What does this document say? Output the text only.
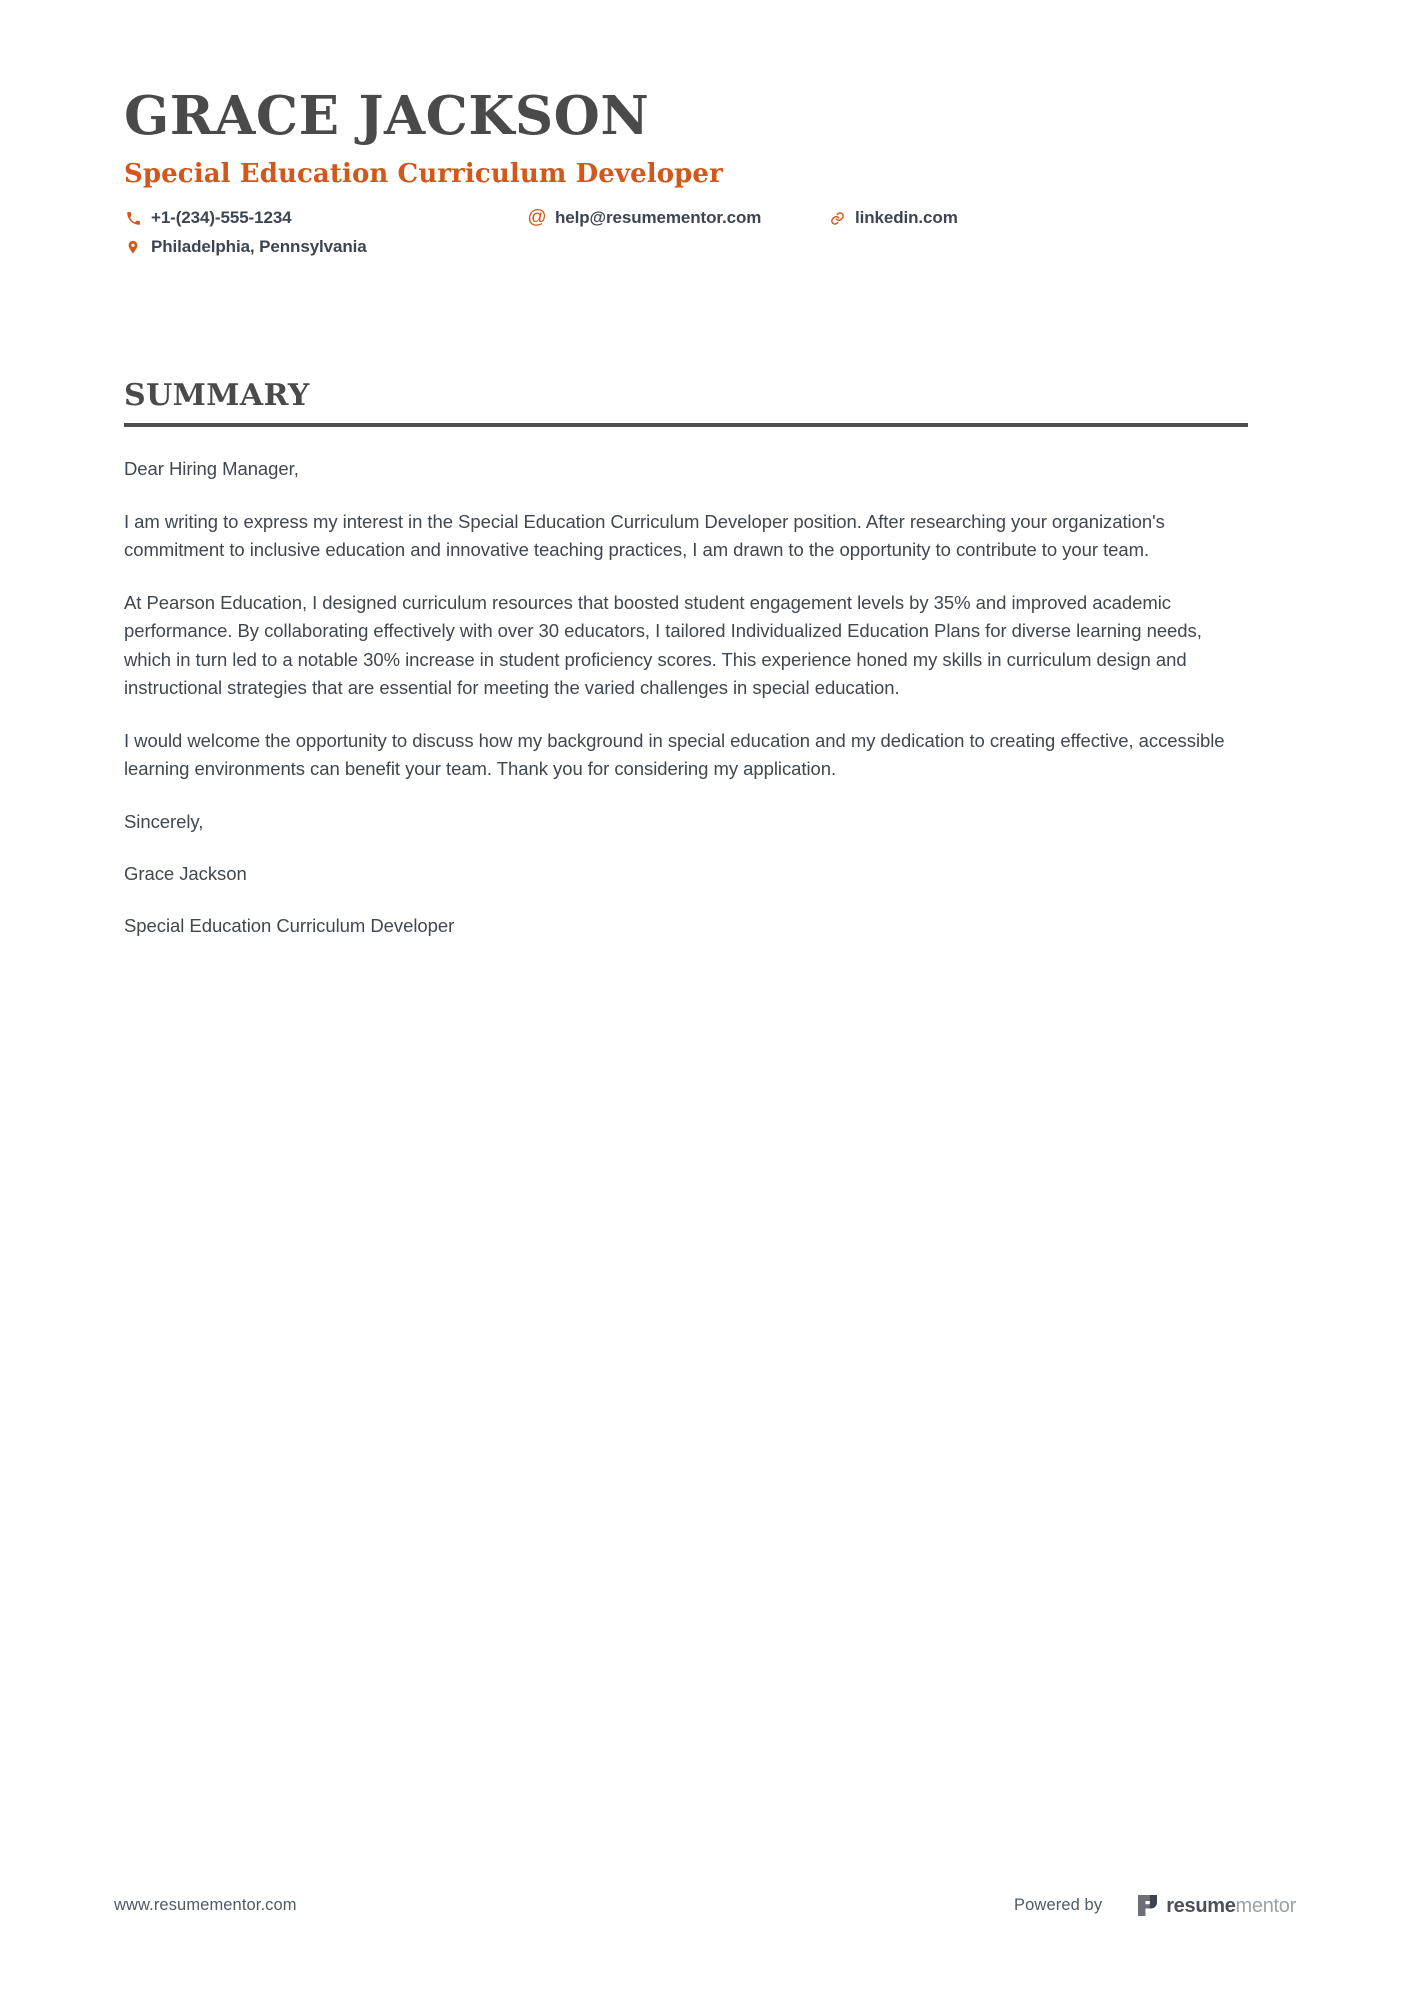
GRACE JACKSON
Special Education Curriculum Developer
+1-(234)-555-1234	@ help@resumementor.com	linkedin.com
Philadelphia, Pennsylvania
SUMMARY

Dear Hiring Manager,

I am writing to express my interest in the Special Education Curriculum Developer position. After researching your organization's commitment to inclusive education and innovative teaching practices, I am drawn to the opportunity to contribute to your team.

At Pearson Education, I designed curriculum resources that boosted student engagement levels by 35% and improved academic performance. By collaborating effectively with over 30 educators, I tailored Individualized Education Plans for diverse learning needs, which in turn led to a notable 30% increase in student proficiency scores. This experience honed my skills in curriculum design and instructional strategies that are essential for meeting the varied challenges in special education.

I would welcome the opportunity to discuss how my background in special education and my dedication to creating effective, accessible learning environments can benefit your team. Thank you for considering my application.

Sincerely,

Grace Jackson

Special Education Curriculum Developer

www.resumementor.com	Powered by	resumementor
